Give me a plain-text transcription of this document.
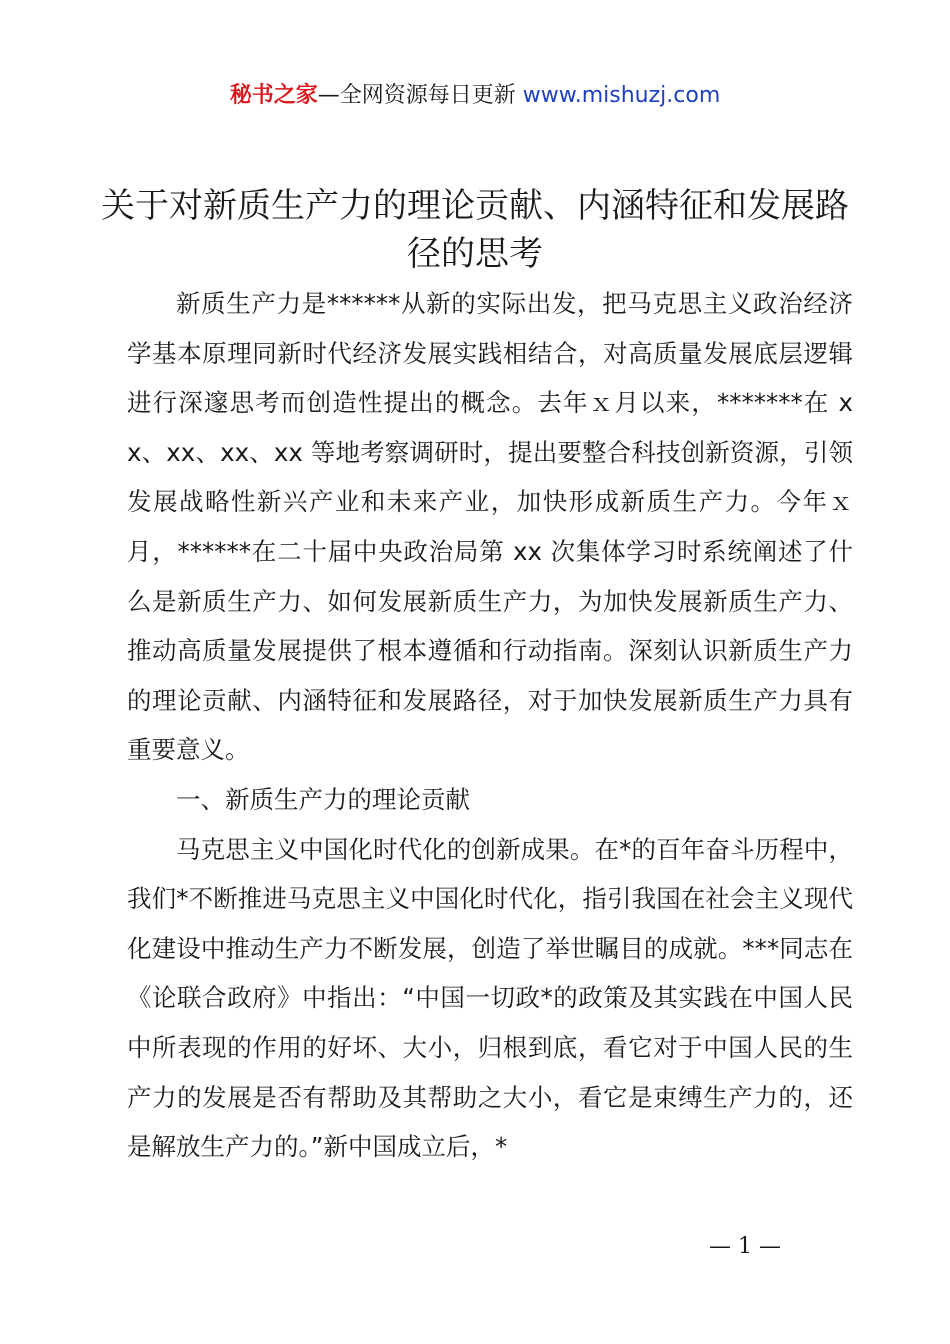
秘书之家—全网资源每日更新 www.mishuzj.com
关于对新质生产力的理论贡献、内涵特征和发展路径的思考

新质生产力是******从新的实际出发，把马克思主义政治经济学基本原理同新时代经济发展实践相结合，对高质量发展底层逻辑进行深邃思考而创造性提出的概念。去年ｘ月以来，*******在 xx、xx、xx、xx 等地考察调研时，提出要整合科技创新资源，引领发展战略性新兴产业和未来产业，加快形成新质生产力。今年ｘ月，******在二十届中央政治局第 xx 次集体学习时系统阐述了什么是新质生产力、如何发展新质生产力，为加快发展新质生产力、推动高质量发展提供了根本遵循和行动指南。深刻认识新质生产力的理论贡献、内涵特征和发展路径，对于加快发展新质生产力具有重要意义。

一、新质生产力的理论贡献

马克思主义中国化时代化的创新成果。在*的百年奋斗历程中，我们*不断推进马克思主义中国化时代化，指引我国在社会主义现代化建设中推动生产力不断发展，创造了举世瞩目的成就。***同志在《论联合政府》中指出：“中国一切政*的政策及其实践在中国人民中所表现的作用的好坏、大小，归根到底，看它对于中国人民的生产力的发展是否有帮助及其帮助之大小，看它是束缚生产力的，还是解放生产力的。”新中国成立后，*

— 1 —
